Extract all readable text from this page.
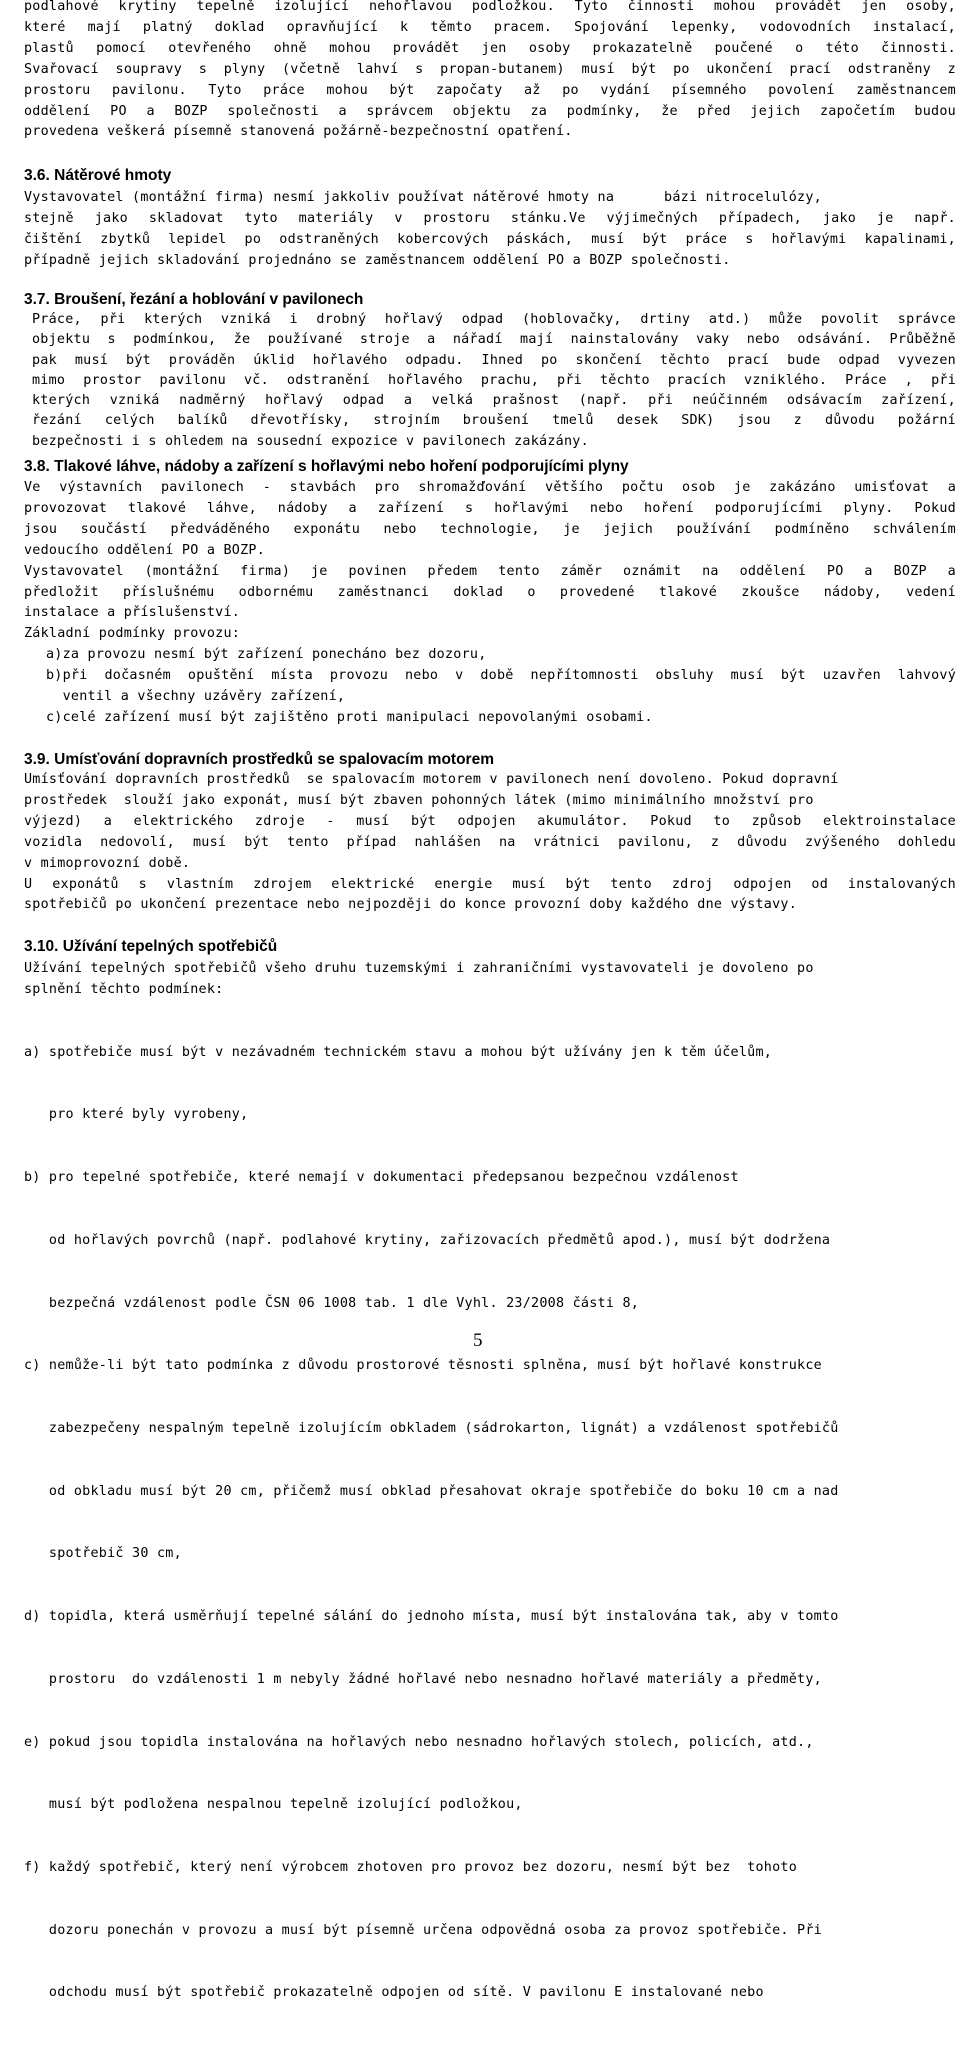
podlahové krytiny tepelně izolující nehořlavou podložkou. Tyto činnosti mohou provádět jen osoby,
které mají platný doklad opravňující k těmto pracem. Spojování lepenky, vodovodních instalací,
plastů pomocí otevřeného ohně mohou provádět jen osoby prokazatelně poučené o této činnosti.
Svařovací soupravy s plyny (včetně lahví s propan-butanem) musí být po ukončení prací odstraněny z
prostoru pavilonu. Tyto práce mohou být započaty až po vydání písemného povolení zaměstnancem
oddělení PO a BOZP společnosti a správcem objektu za podmínky, že před jejich započetím budou
provedena veškerá písemně stanovená požárně-bezpečnostní opatření.

3.6. Nátěrové hmoty

Vystavovatel (montážní firma) nesmí jakkoliv používat nátěrové hmoty na      bázi nitrocelulózy,
stejně jako skladovat tyto materiály v prostoru stánku.Ve výjimečných případech, jako je např.
čištění zbytků lepidel po odstraněných kobercových páskách, musí být práce s hořlavými kapalinami,
případně jejich skladování projednáno se zaměstnancem oddělení PO a BOZP společnosti.

3.7. Broušení, řezání a hoblování v pavilonech

Práce, při kterých vzniká i drobný hořlavý odpad (hoblovačky, drtiny atd.) může povolit správce
objektu s podmínkou, že používané stroje a nářadí mají nainstalovány vaky nebo odsávání. Průběžně
pak musí být prováděn úklid hořlavého odpadu. Ihned po skončení těchto prací bude odpad vyvezen
mimo prostor pavilonu vč. odstranění hořlavého prachu, při těchto pracích vzniklého. Práce , při
kterých vzniká nadměrný hořlavý odpad a velká prašnost (např. při neúčinném odsávacím zařízení,
řezání celých balíků dřevotřísky, strojním broušení tmelů desek SDK) jsou z důvodu požární
bezpečnosti i s ohledem na sousední expozice v pavilonech zakázány.

3.8. Tlakové láhve, nádoby a zařízení s hořlavými nebo hoření podporujícími plyny

Ve výstavních pavilonech - stavbách pro shromažďování většího počtu osob je zakázáno umisťovat a
provozovat tlakové láhve, nádoby a zařízení s hořlavými nebo hoření podporujícími plyny. Pokud
jsou součástí předváděného exponátu nebo technologie, je jejich používání podmíněno schválením
vedoucího oddělení PO a BOZP.
Vystavovatel (montážní firma) je povinen předem tento záměr oznámit na oddělení PO a BOZP a
předložit příslušnému odbornému zaměstnanci doklad o provedené tlakové zkoušce nádoby, vedení
instalace a příslušenství.
Základní podmínky provozu:

a)za provozu nesmí být zařízení ponecháno bez dozoru,
b)při dočasném opuštění místa provozu nebo v době nepřítomnosti obsluhy musí být uzavřen lahvový
ventil a všechny uzávěry zařízení,
c)celé zařízení musí být zajištěno proti manipulaci nepovolanými osobami.

3.9. Umísťování dopravních prostředků se spalovacím motorem

Umísťování dopravních prostředků  se spalovacím motorem v pavilonech není dovoleno. Pokud dopravní
prostředek  slouží jako exponát, musí být zbaven pohonných látek (mimo minimálního množství pro
výjezd) a elektrického zdroje - musí být odpojen akumulátor. Pokud to způsob elektroinstalace
vozidla nedovolí, musí být tento případ nahlášen na vrátnici pavilonu, z důvodu zvýšeného dohledu
v mimoprovozní době.
U exponátů s vlastním zdrojem elektrické energie musí být tento zdroj odpojen od instalovaných
spotřebičů po ukončení prezentace nebo nejpozději do konce provozní doby každého dne výstavy.

3.10. Užívání tepelných spotřebičů

Užívání tepelných spotřebičů všeho druhu tuzemskými i zahraničními vystavovateli je dovoleno po
splnění těchto podmínek:

a) spotřebiče musí být v nezávadném technickém stavu a mohou být užívány jen k těm účelům,

pro které byly vyrobeny,

b) pro tepelné spotřebiče, které nemají v dokumentaci předepsanou bezpečnou vzdálenost

od hořlavých povrchů (např. podlahové krytiny, zařizovacích předmětů apod.), musí být dodržena

bezpečná vzdálenost podle ČSN 06 1008 tab. 1 dle Vyhl. 23/2008 části 8,

c) nemůže-li být tato podmínka z důvodu prostorové těsnosti splněna, musí být hořlavé konstrukce

zabezpečeny nespalným tepelně izolujícím obkladem (sádrokarton, lignát) a vzdálenost spotřebičů

od obkladu musí být 20 cm, přičemž musí obklad přesahovat okraje spotřebiče do boku 10 cm a nad

spotřebič 30 cm,

d) topidla, která usměrňují tepelné sálání do jednoho místa, musí být instalována tak, aby v tomto

prostoru  do vzdálenosti 1 m nebyly žádné hořlavé nebo nesnadno hořlavé materiály a předměty,

e) pokud jsou topidla instalována na hořlavých nebo nesnadno hořlavých stolech, policích, atd.,

musí být podložena nespalnou tepelně izolující podložkou,

f) každý spotřebič, který není výrobcem zhotoven pro provoz bez dozoru, nesmí být bez  tohoto

dozoru ponechán v provozu a musí být písemně určena odpovědná osoba za provoz spotřebiče. Při

odchodu musí být spotřebič prokazatelně odpojen od sítě. V pavilonu E instalované nebo

5
